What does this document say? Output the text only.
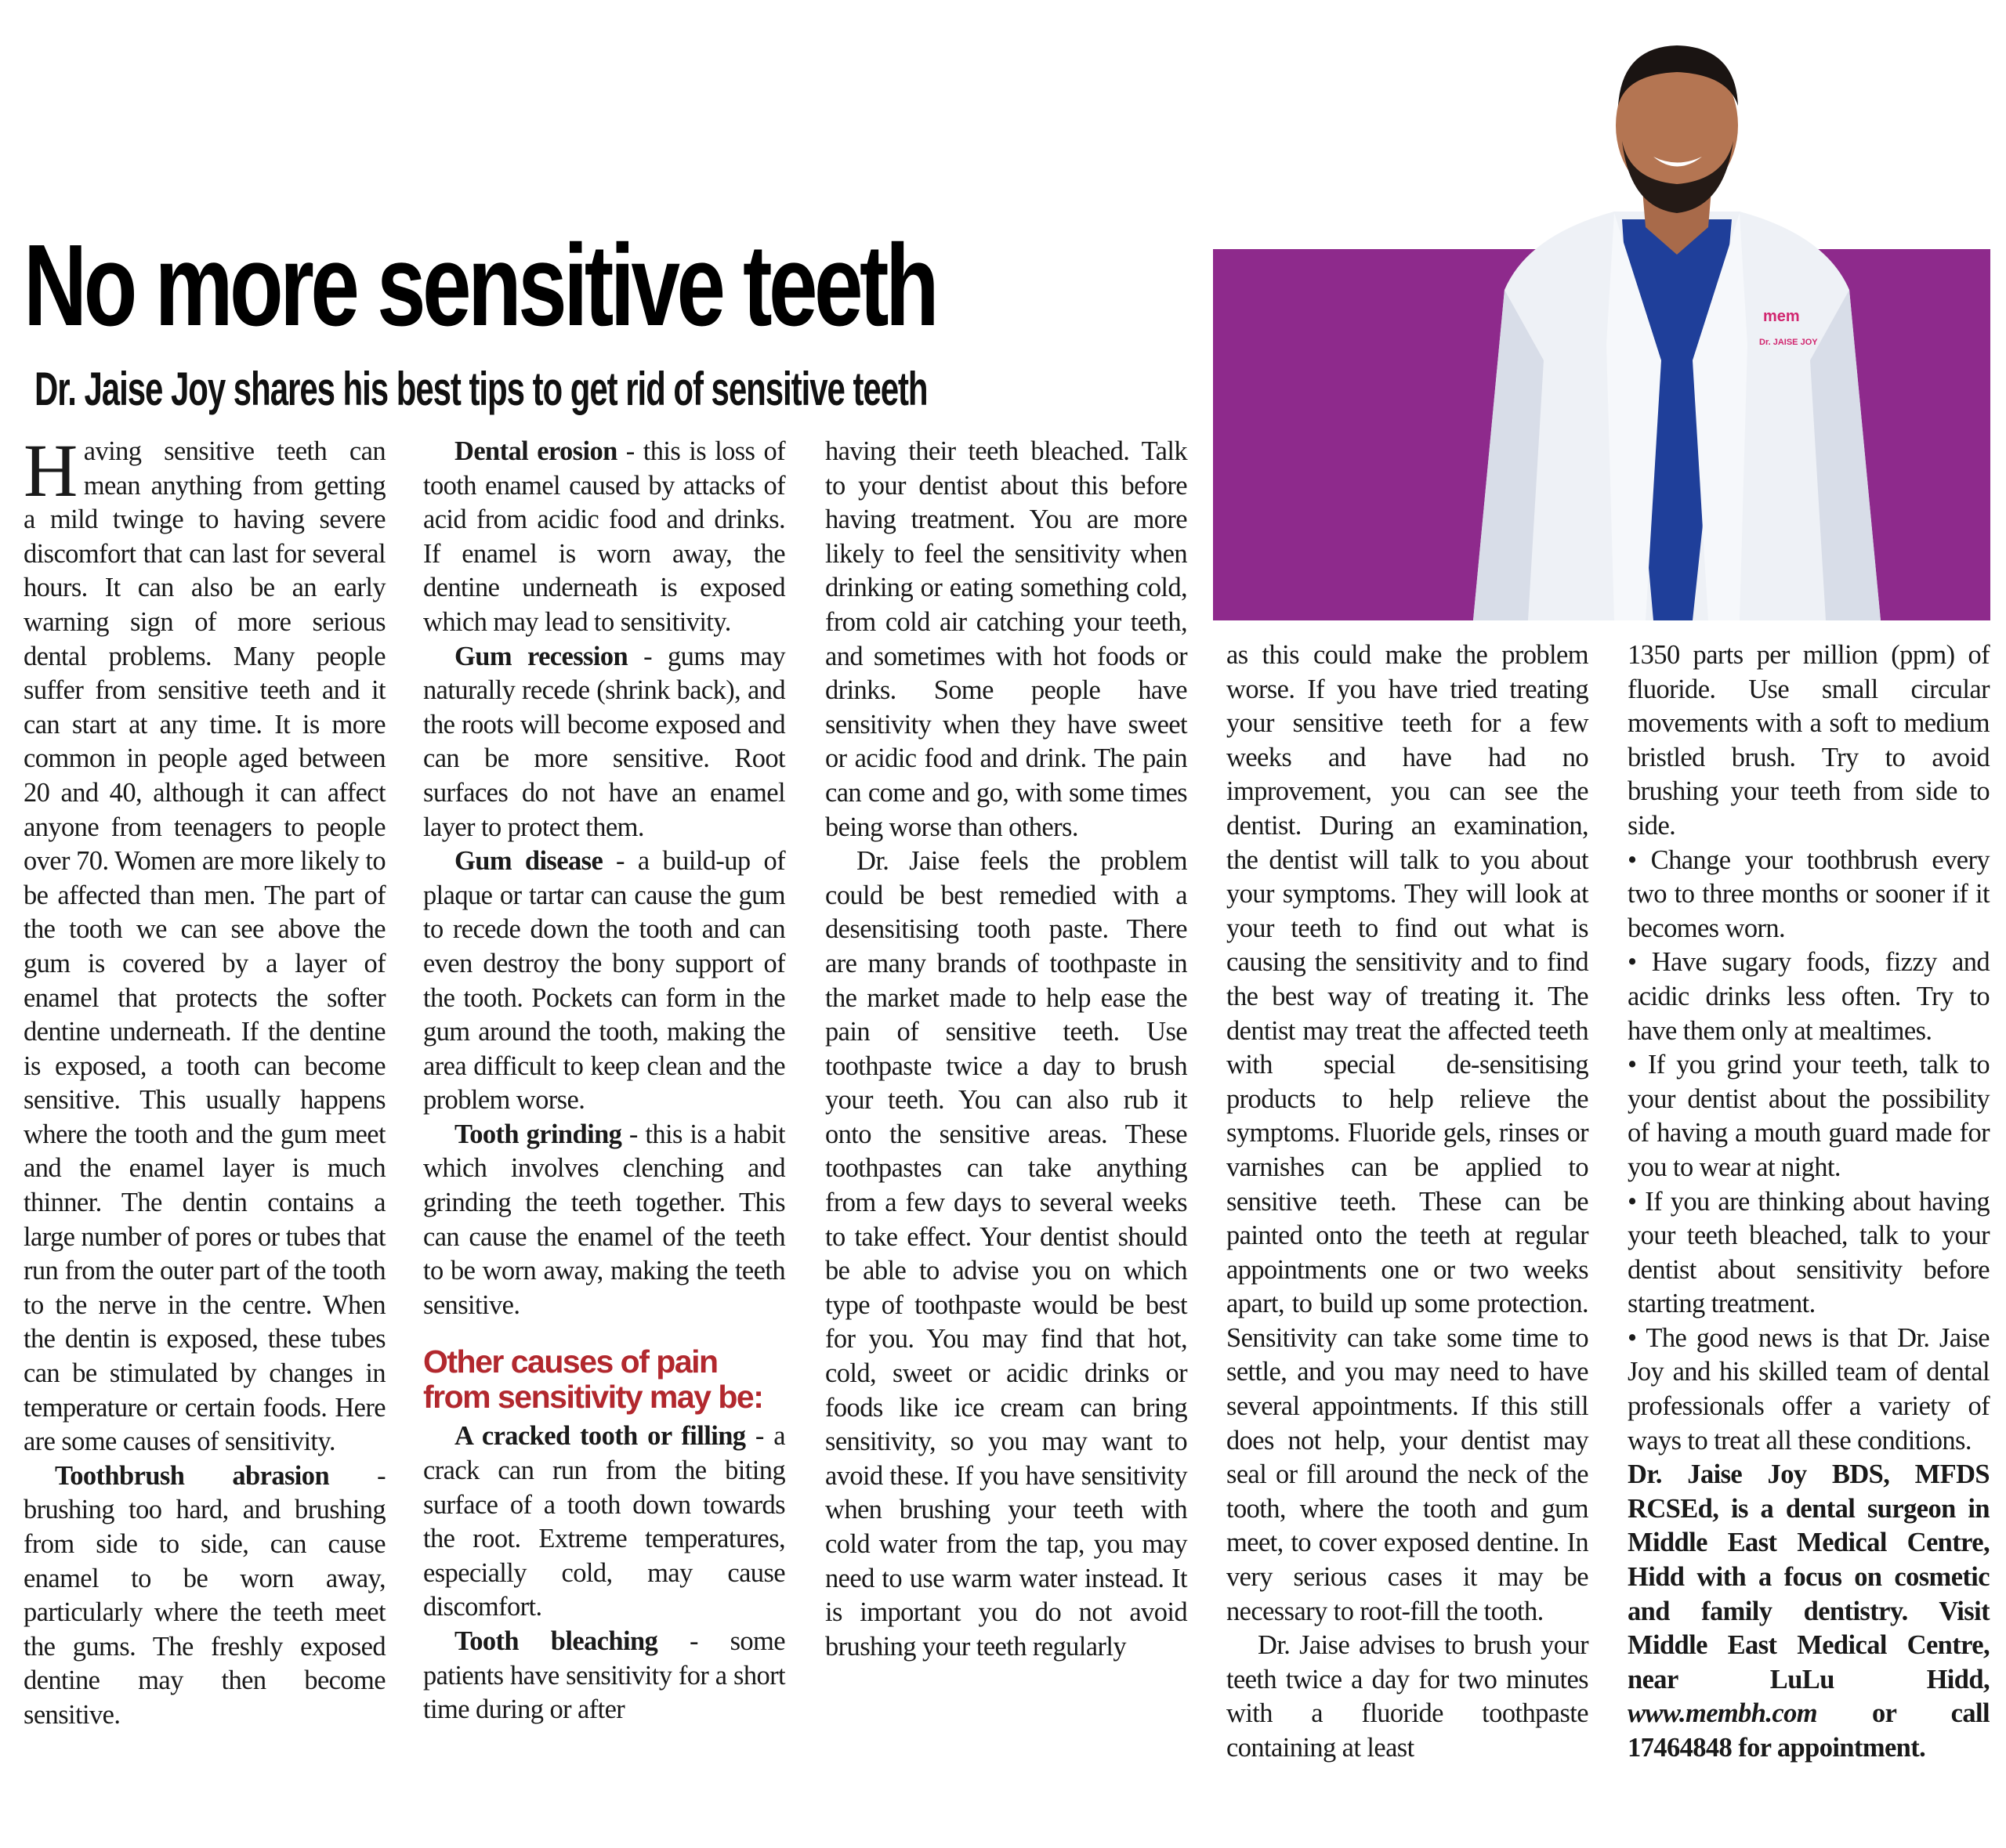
No more sensitive teeth
Dr. Jaise Joy shares his best tips to get rid of sensitive teeth
mem
Dr. JAISE JOY

Having sensitive teeth can mean anything from getting a mild twinge to having severe discomfort that can last for several hours. It can also be an early warning sign of more serious dental problems. Many people suffer from sensitive teeth and it can start at any time. It is more common in people aged between 20 and 40, although it can affect anyone from teenagers to people over 70. Women are more likely to be affected than men. The part of the tooth we can see above the gum is covered by a layer of enamel that protects the softer dentine underneath. If the dentine is exposed, a tooth can become sensitive. This usually happens where the tooth and the gum meet and the enamel layer is much thinner. The dentin contains a large number of pores or tubes that run from the outer part of the tooth to the nerve in the centre. When the dentin is exposed, these tubes can be stimulated by changes in temperature or certain foods. Here are some causes of sensitivity.

Toothbrush abrasion - brushing too hard, and brushing from side to side, can cause enamel to be worn away, particularly where the teeth meet the gums. The freshly exposed dentine may then become sensitive.

Dental erosion - this is loss of tooth enamel caused by attacks of acid from acidic food and drinks. If enamel is worn away, the dentine underneath is exposed which may lead to sensitivity.

Gum recession - gums may naturally recede (shrink back), and the roots will become exposed and can be more sensitive. Root surfaces do not have an enamel layer to protect them.

Gum disease - a build-up of plaque or tartar can cause the gum to recede down the tooth and can even destroy the bony support of the tooth. Pockets can form in the gum around the tooth, making the area difficult to keep clean and the problem worse.

Tooth grinding - this is a habit which involves clenching and grinding the teeth together. This can cause the enamel of the teeth to be worn away, making the teeth sensitive.

Other causes of pain from sensitivity may be:

A cracked tooth or filling - a crack can run from the biting surface of a tooth down towards the root. Extreme temperatures, especially cold, may cause discomfort.

Tooth bleaching - some patients have sensitivity for a short time during or after

having their teeth bleached. Talk to your dentist about this before having treatment. You are more likely to feel the sensitivity when drinking or eating something cold, from cold air catching your teeth, and sometimes with hot foods or drinks. Some people have sensitivity when they have sweet or acidic food and drink. The pain can come and go, with some times being worse than others.

Dr. Jaise feels the problem could be best remedied with a desensitising tooth paste. There are many brands of toothpaste in the market made to help ease the pain of sensitive teeth. Use toothpaste twice a day to brush your teeth. You can also rub it onto the sensitive areas. These toothpastes can take anything from a few days to several weeks to take effect. Your dentist should be able to advise you on which type of toothpaste would be best for you. You may find that hot, cold, sweet or acidic drinks or foods like ice cream can bring sensitivity, so you may want to avoid these. If you have sensitivity when brushing your teeth with cold water from the tap, you may need to use warm water instead. It is important you do not avoid brushing your teeth regularly

as this could make the problem worse. If you have tried treating your sensitive teeth for a few weeks and have had no improvement, you can see the dentist. During an examination, the dentist will talk to you about your symptoms. They will look at your teeth to find out what is causing the sensitivity and to find the best way of treating it. The dentist may treat the affected teeth with special de-sensitising products to help relieve the symptoms. Fluoride gels, rinses or varnishes can be applied to sensitive teeth. These can be painted onto the teeth at regular appointments one or two weeks apart, to build up some protection. Sensitivity can take some time to settle, and you may need to have several appointments. If this still does not help, your dentist may seal or fill around the neck of the tooth, where the tooth and gum meet, to cover exposed dentine. In very serious cases it may be necessary to root-fill the tooth.

Dr. Jaise advises to brush your teeth twice a day for two minutes with a fluoride toothpaste containing at least

1350 parts per million (ppm) of fluoride. Use small circular movements with a soft to medium bristled brush. Try to avoid brushing your teeth from side to side.

• Change your toothbrush every two to three months or sooner if it becomes worn.

• Have sugary foods, fizzy and acidic drinks less often. Try to have them only at mealtimes.

• If you grind your teeth, talk to your dentist about the possibility of having a mouth guard made for you to wear at night.

• If you are thinking about having your teeth bleached, talk to your dentist about sensitivity before starting treatment.

• The good news is that Dr. Jaise Joy and his skilled team of dental professionals offer a variety of ways to treat all these conditions.

Dr. Jaise Joy BDS, MFDS RCSEd, is a dental surgeon in Middle East Medical Centre, Hidd with a focus on cosmetic and family dentistry. Visit Middle East Medical Centre, near LuLu Hidd, www.membh.com or call 17464848 for appointment.
